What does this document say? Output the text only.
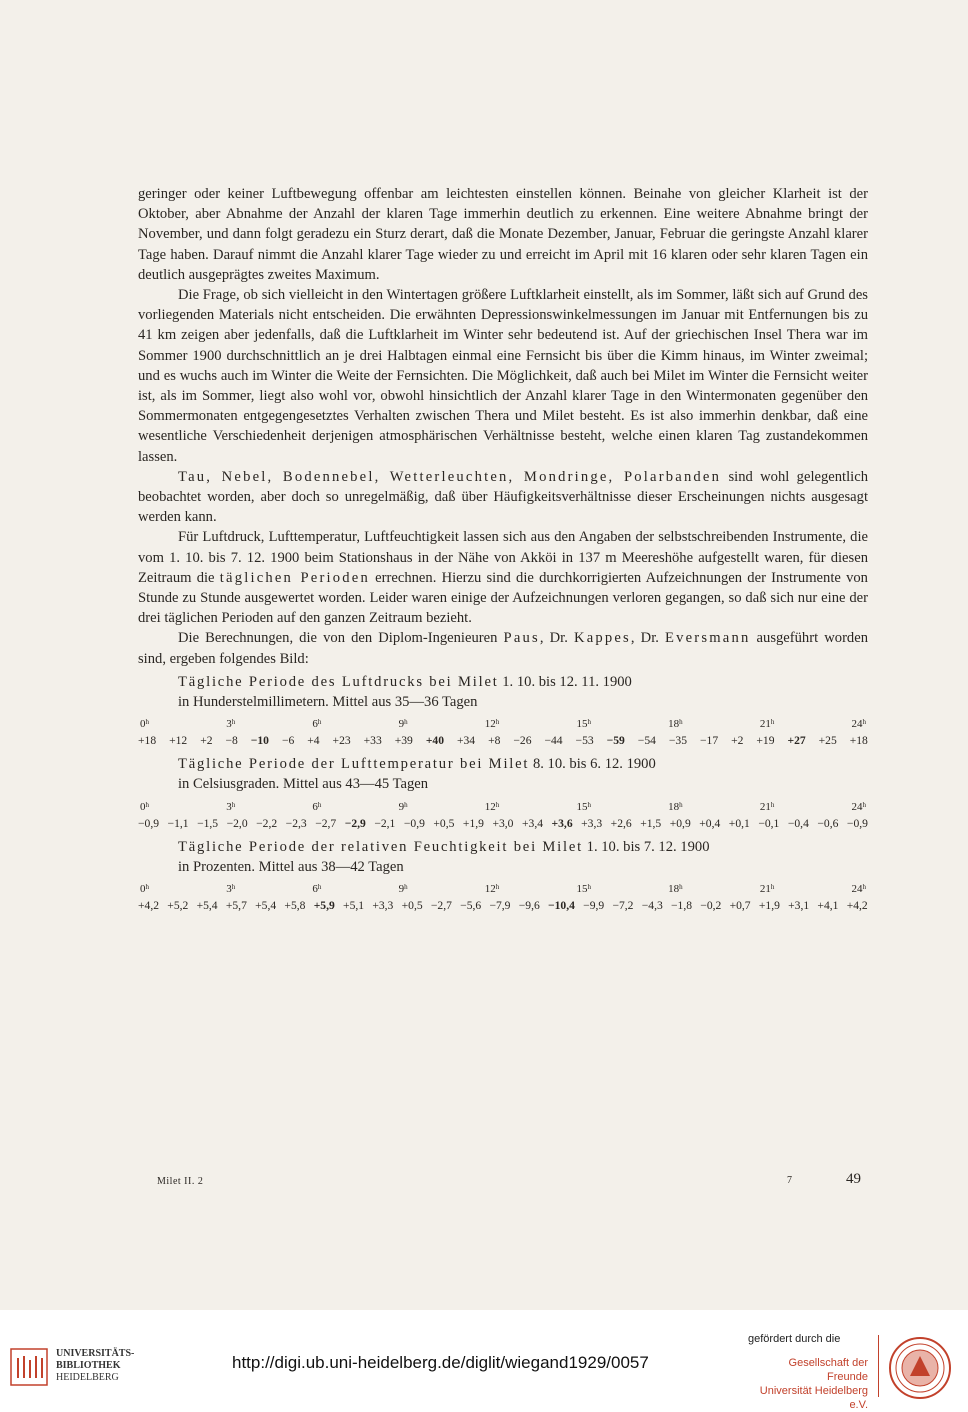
geringer oder keiner Luftbewegung offenbar am leichtesten einstellen können. Beinahe von gleicher Klarheit ist der Oktober, aber Abnahme der Anzahl der klaren Tage immerhin deutlich zu erkennen. Eine weitere Abnahme bringt der November, und dann folgt geradezu ein Sturz derart, daß die Monate Dezember, Januar, Februar die geringste Anzahl klarer Tage haben. Darauf nimmt die Anzahl klarer Tage wieder zu und erreicht im April mit 16 klaren oder sehr klaren Tagen ein deutlich ausgeprägtes zweites Maximum.

Die Frage, ob sich vielleicht in den Wintertagen größere Luftklarheit einstellt, als im Sommer, läßt sich auf Grund des vorliegenden Materials nicht entscheiden. Die erwähnten Depressionswinkelmessungen im Januar mit Entfernungen bis zu 41 km zeigen aber jedenfalls, daß die Luftklarheit im Winter sehr bedeutend ist. Auf der griechischen Insel Thera war im Sommer 1900 durchschnittlich an je drei Halbtagen einmal eine Fernsicht bis über die Kimm hinaus, im Winter zweimal; und es wuchs auch im Winter die Weite der Fernsichten. Die Möglichkeit, daß auch bei Milet im Winter die Fernsicht weiter ist, als im Sommer, liegt also wohl vor, obwohl hinsichtlich der Anzahl klarer Tage in den Wintermonaten gegenüber den Sommermonaten entgegengesetztes Verhalten zwischen Thera und Milet besteht. Es ist also immerhin denkbar, daß eine wesentliche Verschiedenheit derjenigen atmosphärischen Verhältnisse besteht, welche einen klaren Tag zustandekommen lassen.

Tau, Nebel, Bodennebel, Wetterleuchten, Mondringe, Polarbanden sind wohl gelegentlich beobachtet worden, aber doch so unregelmäßig, daß über Häufigkeitsverhältnisse dieser Erscheinungen nichts ausgesagt werden kann.

Für Luftdruck, Lufttemperatur, Luftfeuchtigkeit lassen sich aus den Angaben der selbstschreibenden Instrumente, die vom 1. 10. bis 7. 12. 1900 beim Stationshaus in der Nähe von Akköi in 137 m Meereshöhe aufgestellt waren, für diesen Zeitraum die täglichen Perioden errechnen. Hierzu sind die durchkorrigierten Aufzeichnungen der Instrumente von Stunde zu Stunde ausgewertet worden. Leider waren einige der Aufzeichnungen verloren gegangen, so daß sich nur eine der drei täglichen Perioden auf den ganzen Zeitraum bezieht.

Die Berechnungen, die von den Diplom-Ingenieuren Paus, Dr. Kappes, Dr. Eversmann ausgeführt worden sind, ergeben folgendes Bild:

Tägliche Periode des Luftdrucks bei Milet 1. 10. bis 12. 11. 1900

in Hunderstelmillimetern. Mittel aus 35—36 Tagen

0$^h$	3$^h$	6$^h$	9$^h$	12$^h$	15$^h$	18$^h$	21$^h$	$24^h$
+18 +12 +2 −8 −10 −6 +4 +23 +33 +39 +40 +34 +8 −26 −44 −53 −59 −54 −35 −17 +2 +19 +27 +25 +18

Tägliche Periode der Lufttemperatur bei Milet 8. 10. bis 6. 12. 1900

in Celsiusgraden. Mittel aus 43—45 Tagen

0$^h$	3$^h$	6$^h$	9$^h$	12$^h$	15$^h$	18$^h$	21$^h$	$24^h$
−0,9 −1,1 −1,5 −2,0 −2,2 −2,3 −2,7 −2,9 −2,1 −0,9 +0,5 +1,9 +3,0 +3,4 +3,6 +3,3 +2,6 +1,5 +0,9 +0,4 +0,1 −0,1 −0,4 −0,6 −0,9

Tägliche Periode der relativen Feuchtigkeit bei Milet 1. 10. bis 7. 12. 1900

in Prozenten. Mittel aus 38—42 Tagen

0$^h$	3$^h$	6$^h$	9$^h$	12$^h$	15$^h$	18$^h$	21$^h$	$24^h$
+4,2 +5,2 +5,4 +5,7 +5,4 +5,8 +5,9 +5,1 +3,3 +0,5 −2,7 −5,6 −7,9 −9,6 −10,4 −9,9 −7,2 −4,3 −1,8 −0,2 +0,7 +1,9 +3,1 +4,1 +4,2
Milet II. 2	7	49
UNIVERSITÄTS-
BIBLIOTHEK
HEIDELBERG
http://digi.ub.uni-heidelberg.de/diglit/wiegand1929/0057
gefördert durch die
Gesellschaft der Freunde
Universität Heidelberg e.V.
